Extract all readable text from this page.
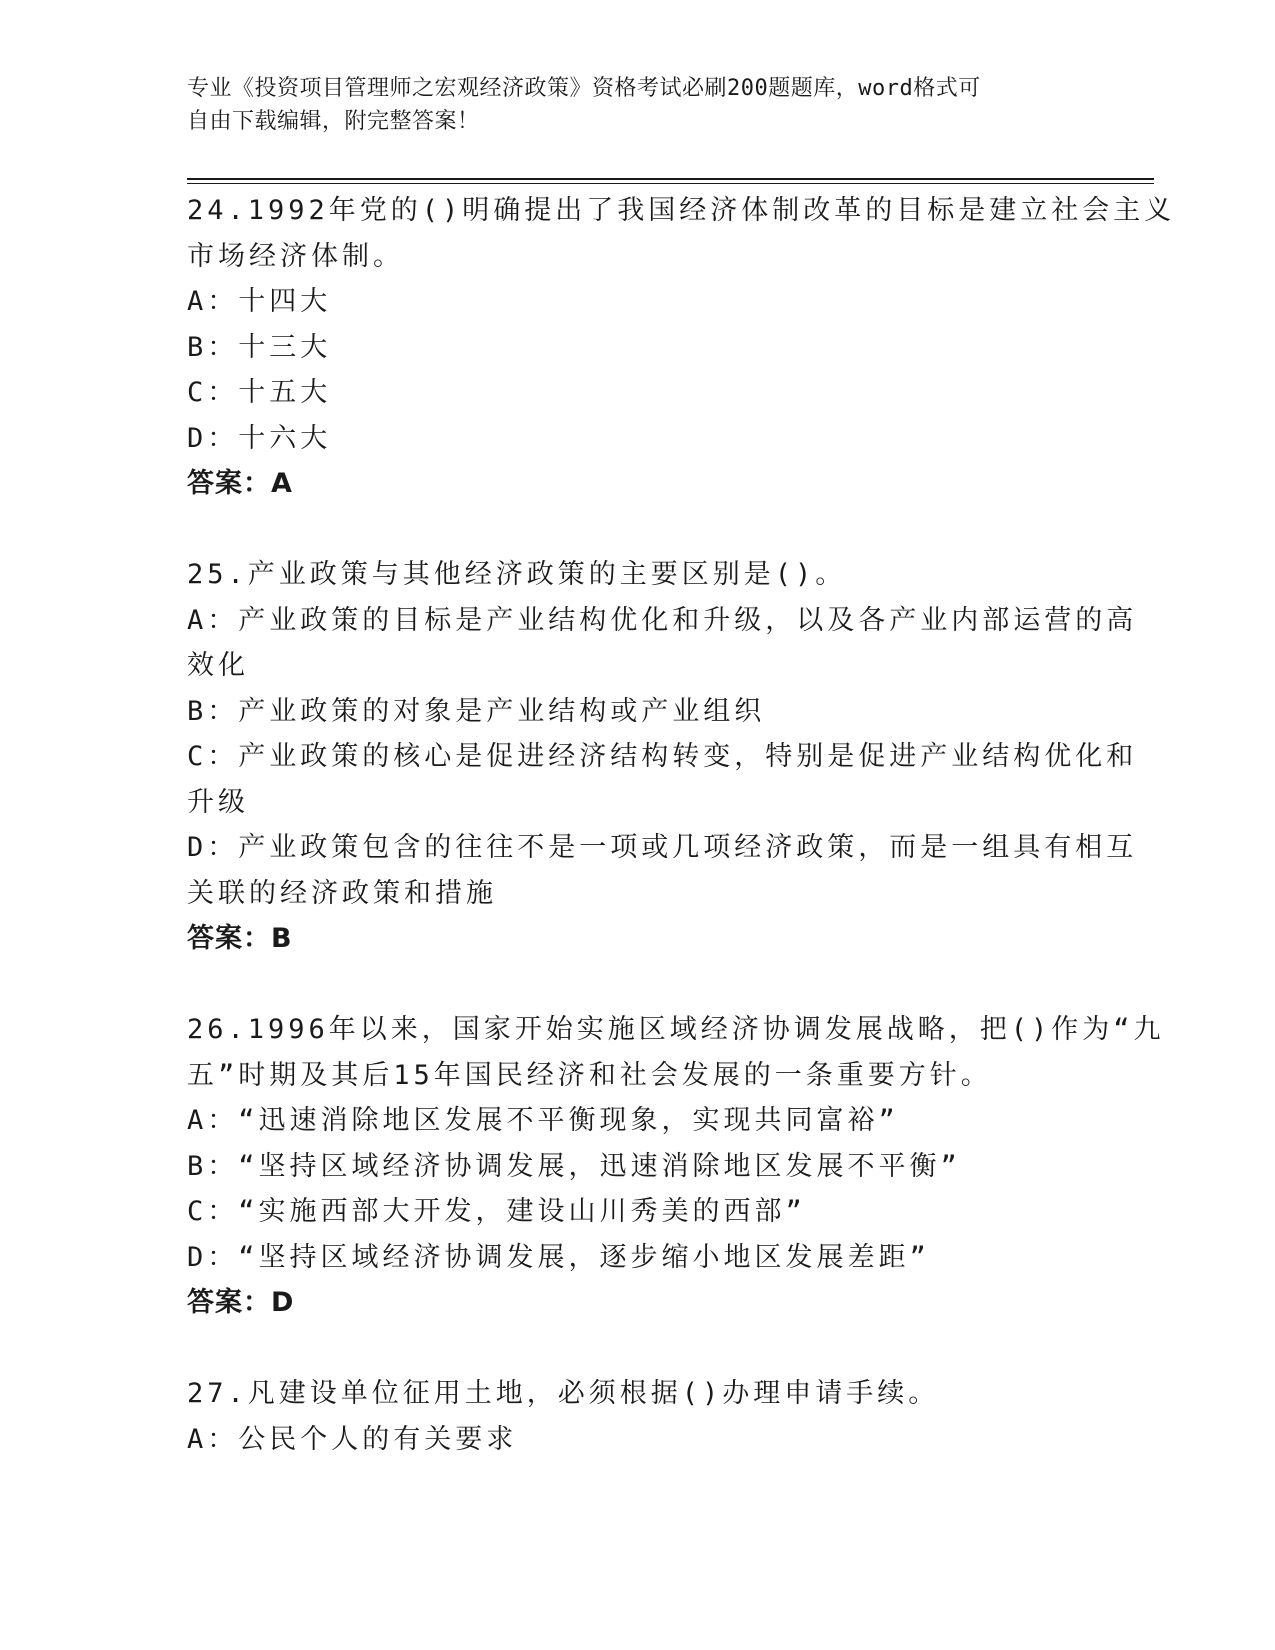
专业《投资项目管理师之宏观经济政策》资格考试必刷200题题库，word格式可
自由下载编辑，附完整答案！
24.1992年党的()明确提出了我国经济体制改革的目标是建立社会主义
市场经济体制。
A：十四大
B：十三大
C：十五大
D：十六大
答案：A
25.产业政策与其他经济政策的主要区别是()。
A：产业政策的目标是产业结构优化和升级，以及各产业内部运营的高
效化
B：产业政策的对象是产业结构或产业组织
C：产业政策的核心是促进经济结构转变，特别是促进产业结构优化和
升级
D：产业政策包含的往往不是一项或几项经济政策，而是一组具有相互
关联的经济政策和措施
答案：B
26.1996年以来，国家开始实施区域经济协调发展战略，把()作为“九
五”时期及其后15年国民经济和社会发展的一条重要方针。
A：“迅速消除地区发展不平衡现象，实现共同富裕”
B：“坚持区域经济协调发展，迅速消除地区发展不平衡”
C：“实施西部大开发，建设山川秀美的西部”
D：“坚持区域经济协调发展，逐步缩小地区发展差距”
答案：D
27.凡建设单位征用土地，必须根据()办理申请手续。
A：公民个人的有关要求
